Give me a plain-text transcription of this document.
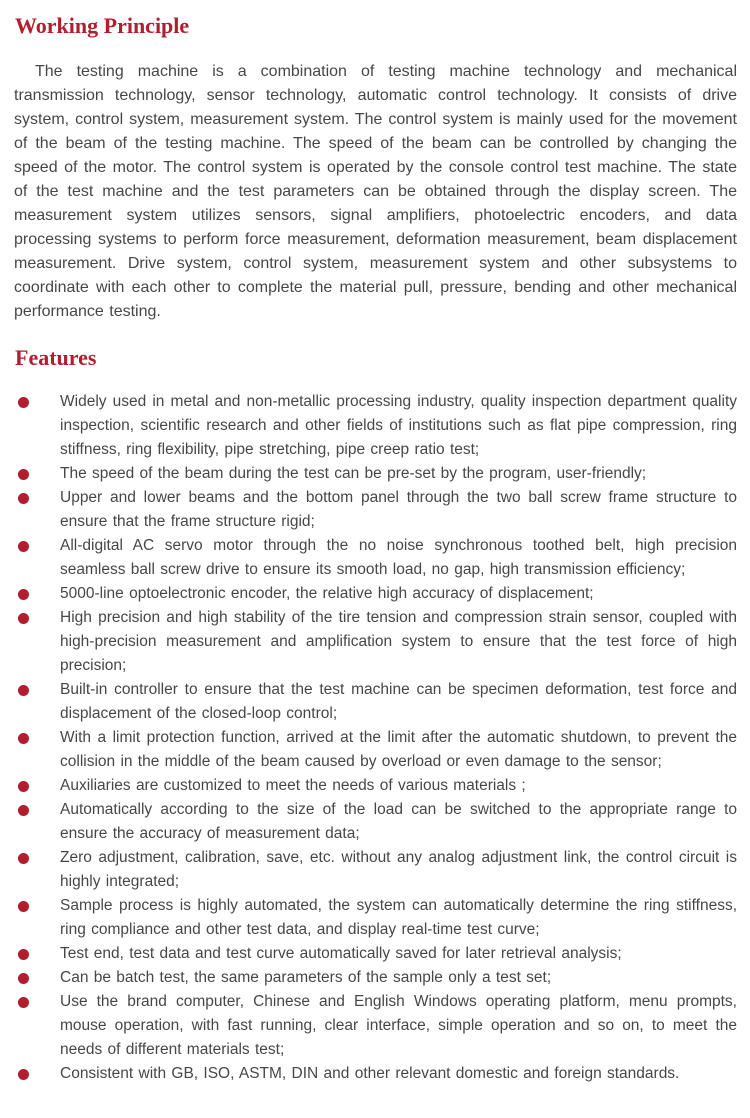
Working Principle

The testing machine is a combination of testing machine technology and mechanical transmission technology, sensor technology, automatic control technology. It consists of drive system, control system, measurement system. The control system is mainly used for the movement of the beam of the testing machine. The speed of the beam can be controlled by changing the speed of the motor. The control system is operated by the console control test machine. The state of the test machine and the test parameters can be obtained through the display screen. The measurement system utilizes sensors, signal amplifiers, photoelectric encoders, and data processing systems to perform force measurement, deformation measurement, beam displacement measurement. Drive system, control system, measurement system and other subsystems to coordinate with each other to complete the material pull, pressure, bending and other mechanical performance testing.

Features
Widely used in metal and non-metallic processing industry, quality inspection department quality inspection, scientific research and other fields of institutions such as flat pipe compression, ring stiffness, ring flexibility, pipe stretching, pipe creep ratio test;
The speed of the beam during the test can be pre-set by the program, user-friendly;
Upper and lower beams and the bottom panel through the two ball screw frame structure to ensure that the frame structure rigid;
All-digital AC servo motor through the no noise synchronous toothed belt, high precision seamless ball screw drive to ensure its smooth load, no gap, high transmission efficiency;
5000-line optoelectronic encoder, the relative high accuracy of displacement;
High precision and high stability of the tire tension and compression strain sensor, coupled with high-precision measurement and amplification system to ensure that the test force of high precision;
Built-in controller to ensure that the test machine can be specimen deformation, test force and displacement of the closed-loop control;
With a limit protection function, arrived at the limit after the automatic shutdown, to prevent the collision in the middle of the beam caused by overload or even damage to the sensor;
Auxiliaries are customized to meet the needs of various materials ;
Automatically according to the size of the load can be switched to the appropriate range to ensure the accuracy of measurement data;
Zero adjustment, calibration, save, etc. without any analog adjustment link, the control circuit is highly integrated;
Sample process is highly automated, the system can automatically determine the ring stiffness, ring compliance and other test data, and display real-time test curve;
Test end, test data and test curve automatically saved for later retrieval analysis;
Can be batch test, the same parameters of the sample only a test set;
Use the brand computer, Chinese and English Windows operating platform, menu prompts, mouse operation, with fast running, clear interface, simple operation and so on, to meet the needs of different materials test;
Consistent with GB, ISO, ASTM, DIN and other relevant domestic and foreign standards.
